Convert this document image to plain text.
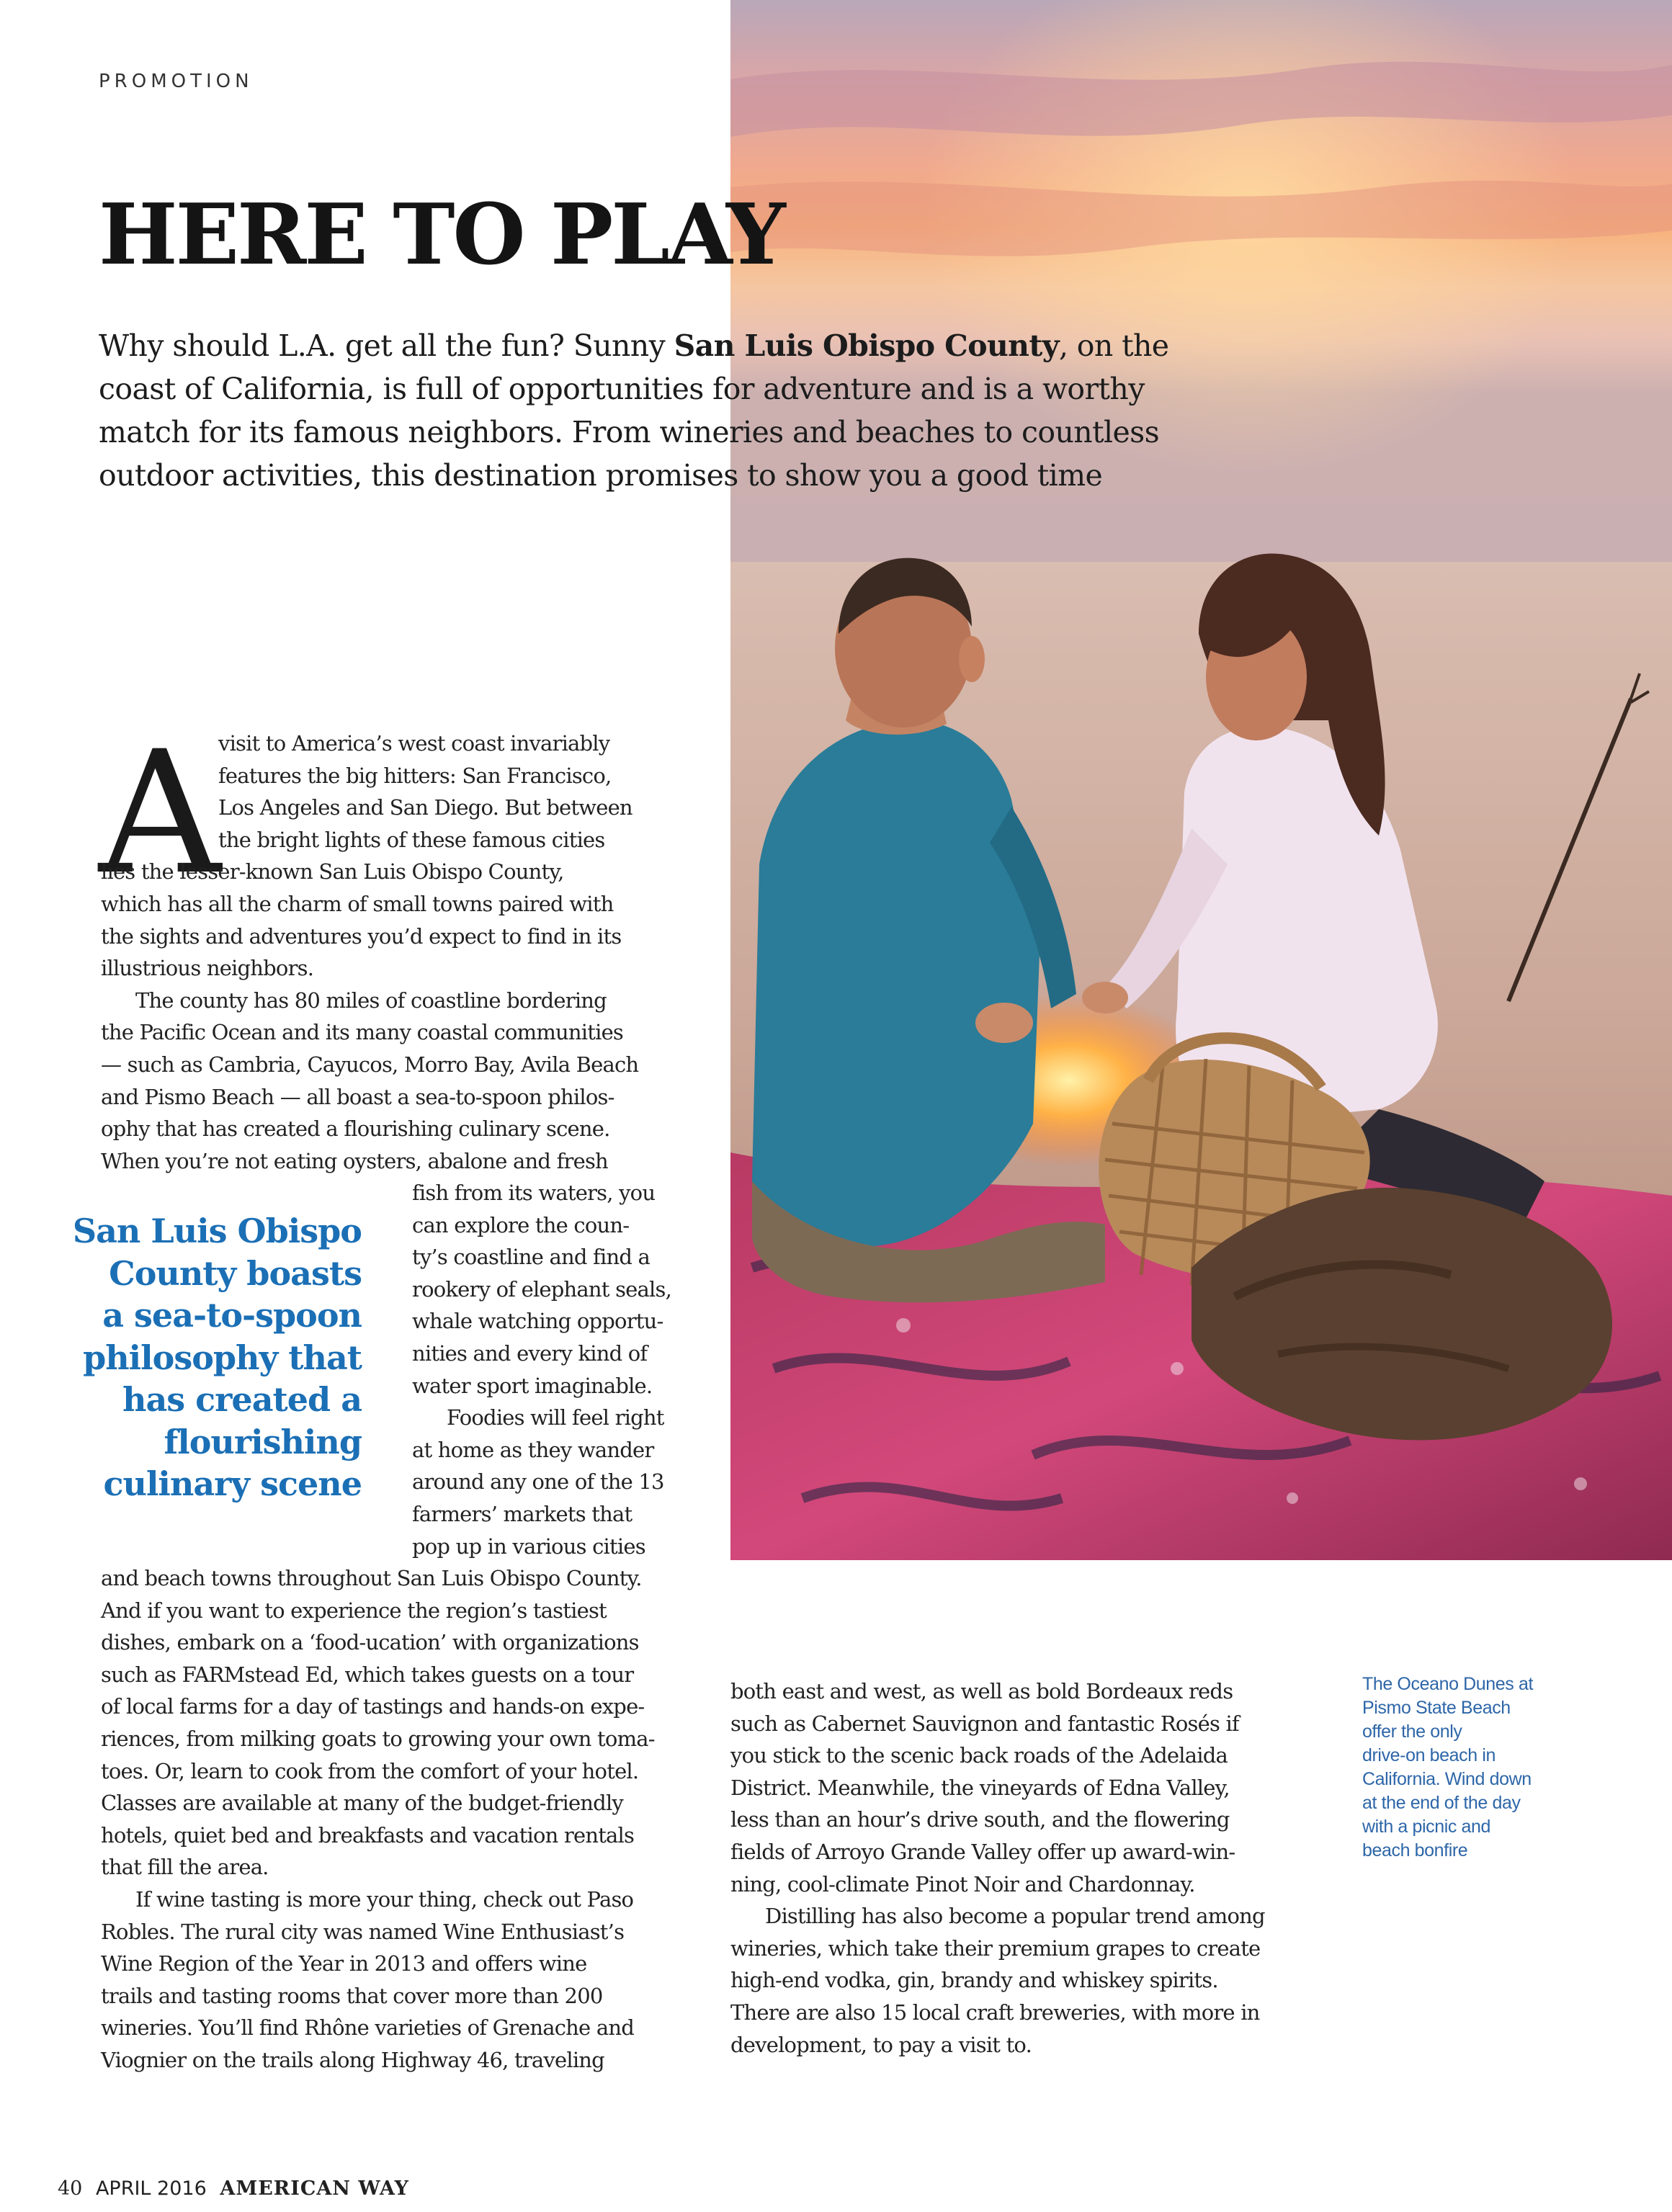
PROMOTION
HERE TO PLAY

Why should L.A. get all the fun? Sunny San Luis Obispo County, on the coast of California, is full of opportunities for adventure and is a worthy match for its famous neighbors. From wineries and beaches to countless outdoor activities, this destination promises to show you a good time

A visit to America’s west coast invariably
features the big hitters: San Francisco,
Los Angeles and San Diego. But between
the bright lights of these famous cities
lies the lesser-known San Luis Obispo County,
which has all the charm of small towns paired with
the sights and adventures you’d expect to find in its
illustrious neighbors.
The county has 80 miles of coastline bordering
the Pacific Ocean and its many coastal communities
— such as Cambria, Cayucos, Morro Bay, Avila Beach
and Pismo Beach — all boast a sea-to-spoon philos-
ophy that has created a flourishing culinary scene.
When you’re not eating oysters, abalone and fresh
fish from its waters, you
can explore the coun-
ty’s coastline and find a
rookery of elephant seals,
whale watching opportu-
nities and every kind of
water sport imaginable.
Foodies will feel right
at home as they wander
around any one of the 13
farmers’ markets that
pop up in various cities
and beach towns throughout San Luis Obispo County.
And if you want to experience the region’s tastiest
dishes, embark on a ‘food-ucation’ with organizations
such as FARMstead Ed, which takes guests on a tour
of local farms for a day of tastings and hands-on expe-
riences, from milking goats to growing your own toma-
toes. Or, learn to cook from the comfort of your hotel.
Classes are available at many of the budget-friendly
hotels, quiet bed and breakfasts and vacation rentals
that fill the area.
If wine tasting is more your thing, check out Paso
Robles. The rural city was named Wine Enthusiast’s
Wine Region of the Year in 2013 and offers wine
trails and tasting rooms that cover more than 200
wineries. You’ll find Rhône varieties of Grenache and
Viognier on the trails along Highway 46, traveling
both east and west, as well as bold Bordeaux reds
such as Cabernet Sauvignon and fantastic Rosés if
you stick to the scenic back roads of the Adelaida
District. Meanwhile, the vineyards of Edna Valley,
less than an hour’s drive south, and the flowering
fields of Arroyo Grande Valley offer up award-win-
ning, cool-climate Pinot Noir and Chardonnay.
Distilling has also become a popular trend among
wineries, which take their premium grapes to create
high-end vodka, gin, brandy and whiskey spirits.
There are also 15 local craft breweries, with more in
development, to pay a visit to.
San Luis Obispo
County boasts
a sea-to-spoon
philosophy that
has created a
flourishing
culinary scene
The Oceano Dunes at
Pismo State Beach
offer the only
drive-on beach in
California. Wind down
at the end of the day
with a picnic and
beach bonfire
40 APRIL 2016 AMERICAN WAY
